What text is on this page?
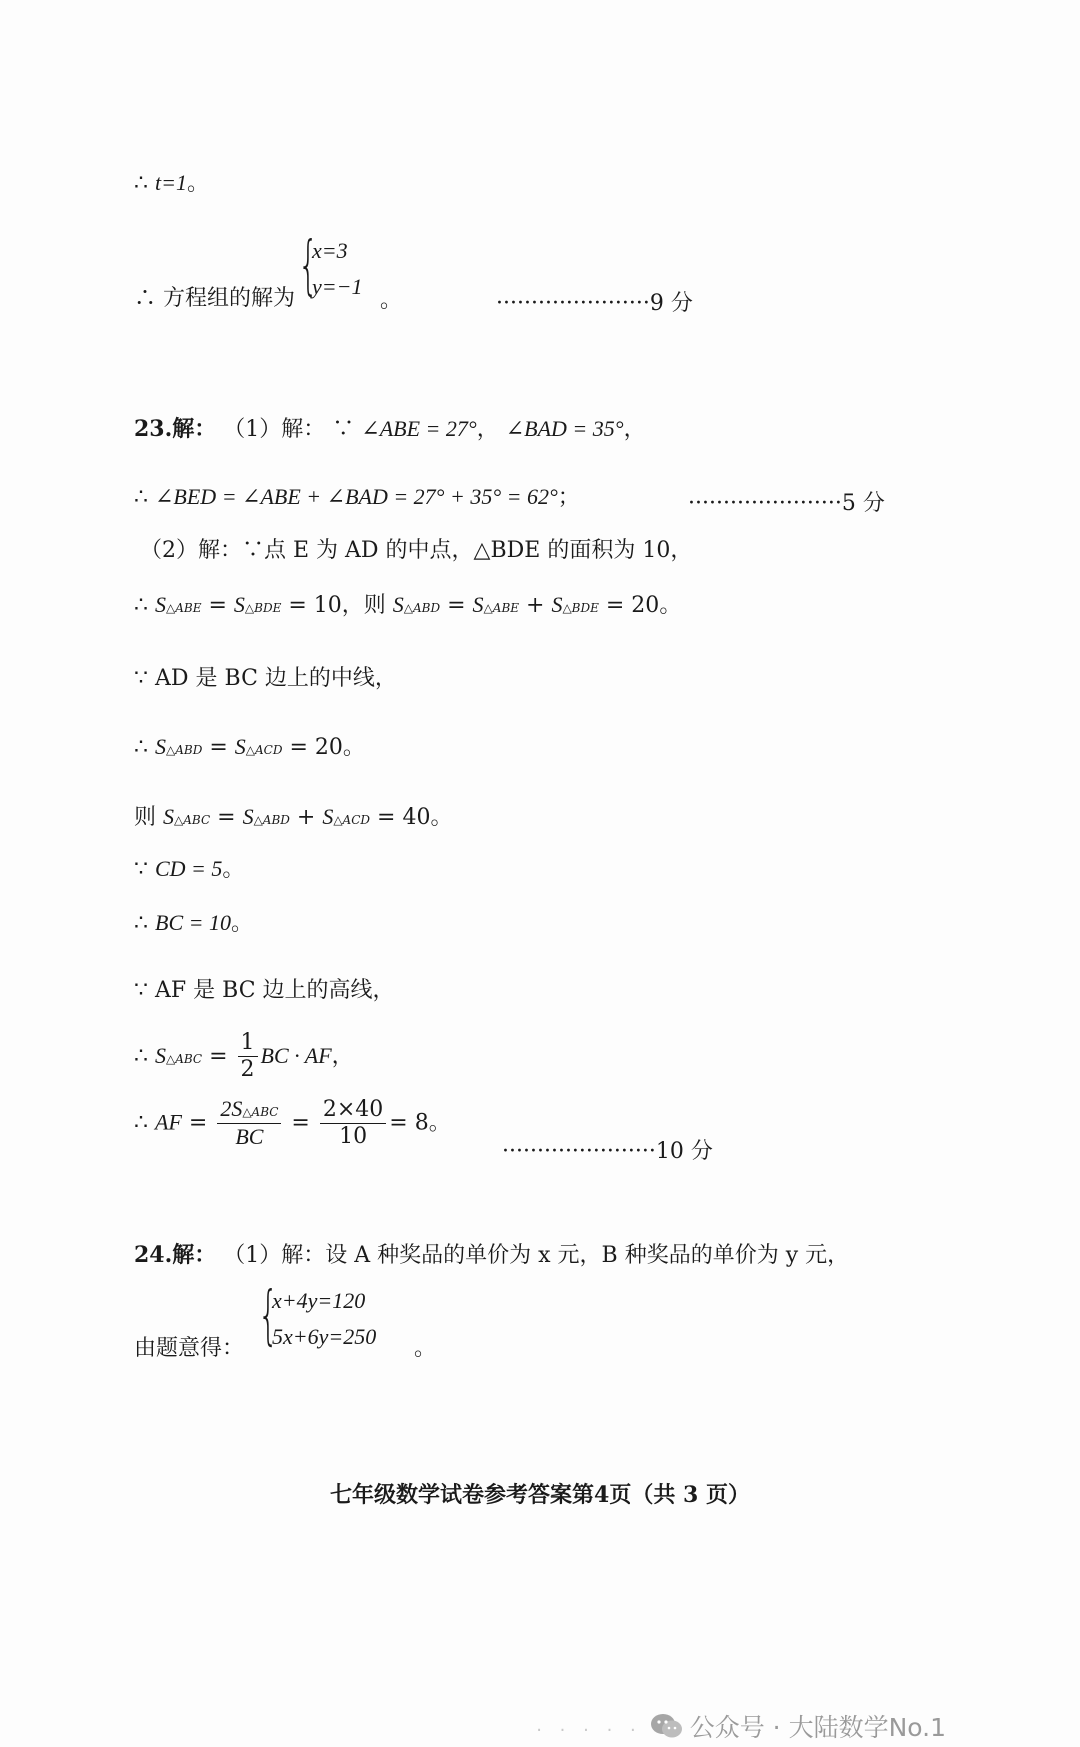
∴ t=1。
∴ 方程组的解为 {
x=3
y=−1
。	······················9 分
23.解： （1）解： ∵ ∠ABE = 27°， ∠BAD = 35°，
∴ ∠BED = ∠ABE + ∠BAD = 27° + 35° = 62°；	······················5 分
（2）解：∵点 E 为 AD 的中点，△BDE 的面积为 10，
∴ S△ABE = S△BDE = 10，则 S△ABD = S△ABE + S△BDE = 20。
∵ AD 是 BC 边上的中线，
∴ S△ABD = S△ACD = 20。
则 S△ABC = S△ABD + S△ACD = 40。
∵ CD = 5。
∴ BC = 10。
∵ AF 是 BC 边上的高线，
∴ S△ABC = $\frac{1}{2}$ BC · AF，
∴ AF = $\frac{\text{2S△ABC}}{BC} = \frac{2\times 40}{10} = 8$。
······················10 分
24.解： （1）解：设 A 种奖品的单价为 x 元，B 种奖品的单价为 y 元，
由题意得： {
x+4y=120
5x+6y=250 。
七年级数学试卷参考答案第4页（共 3 页）
· · · · · 公众号 · 大陆数学No.1
